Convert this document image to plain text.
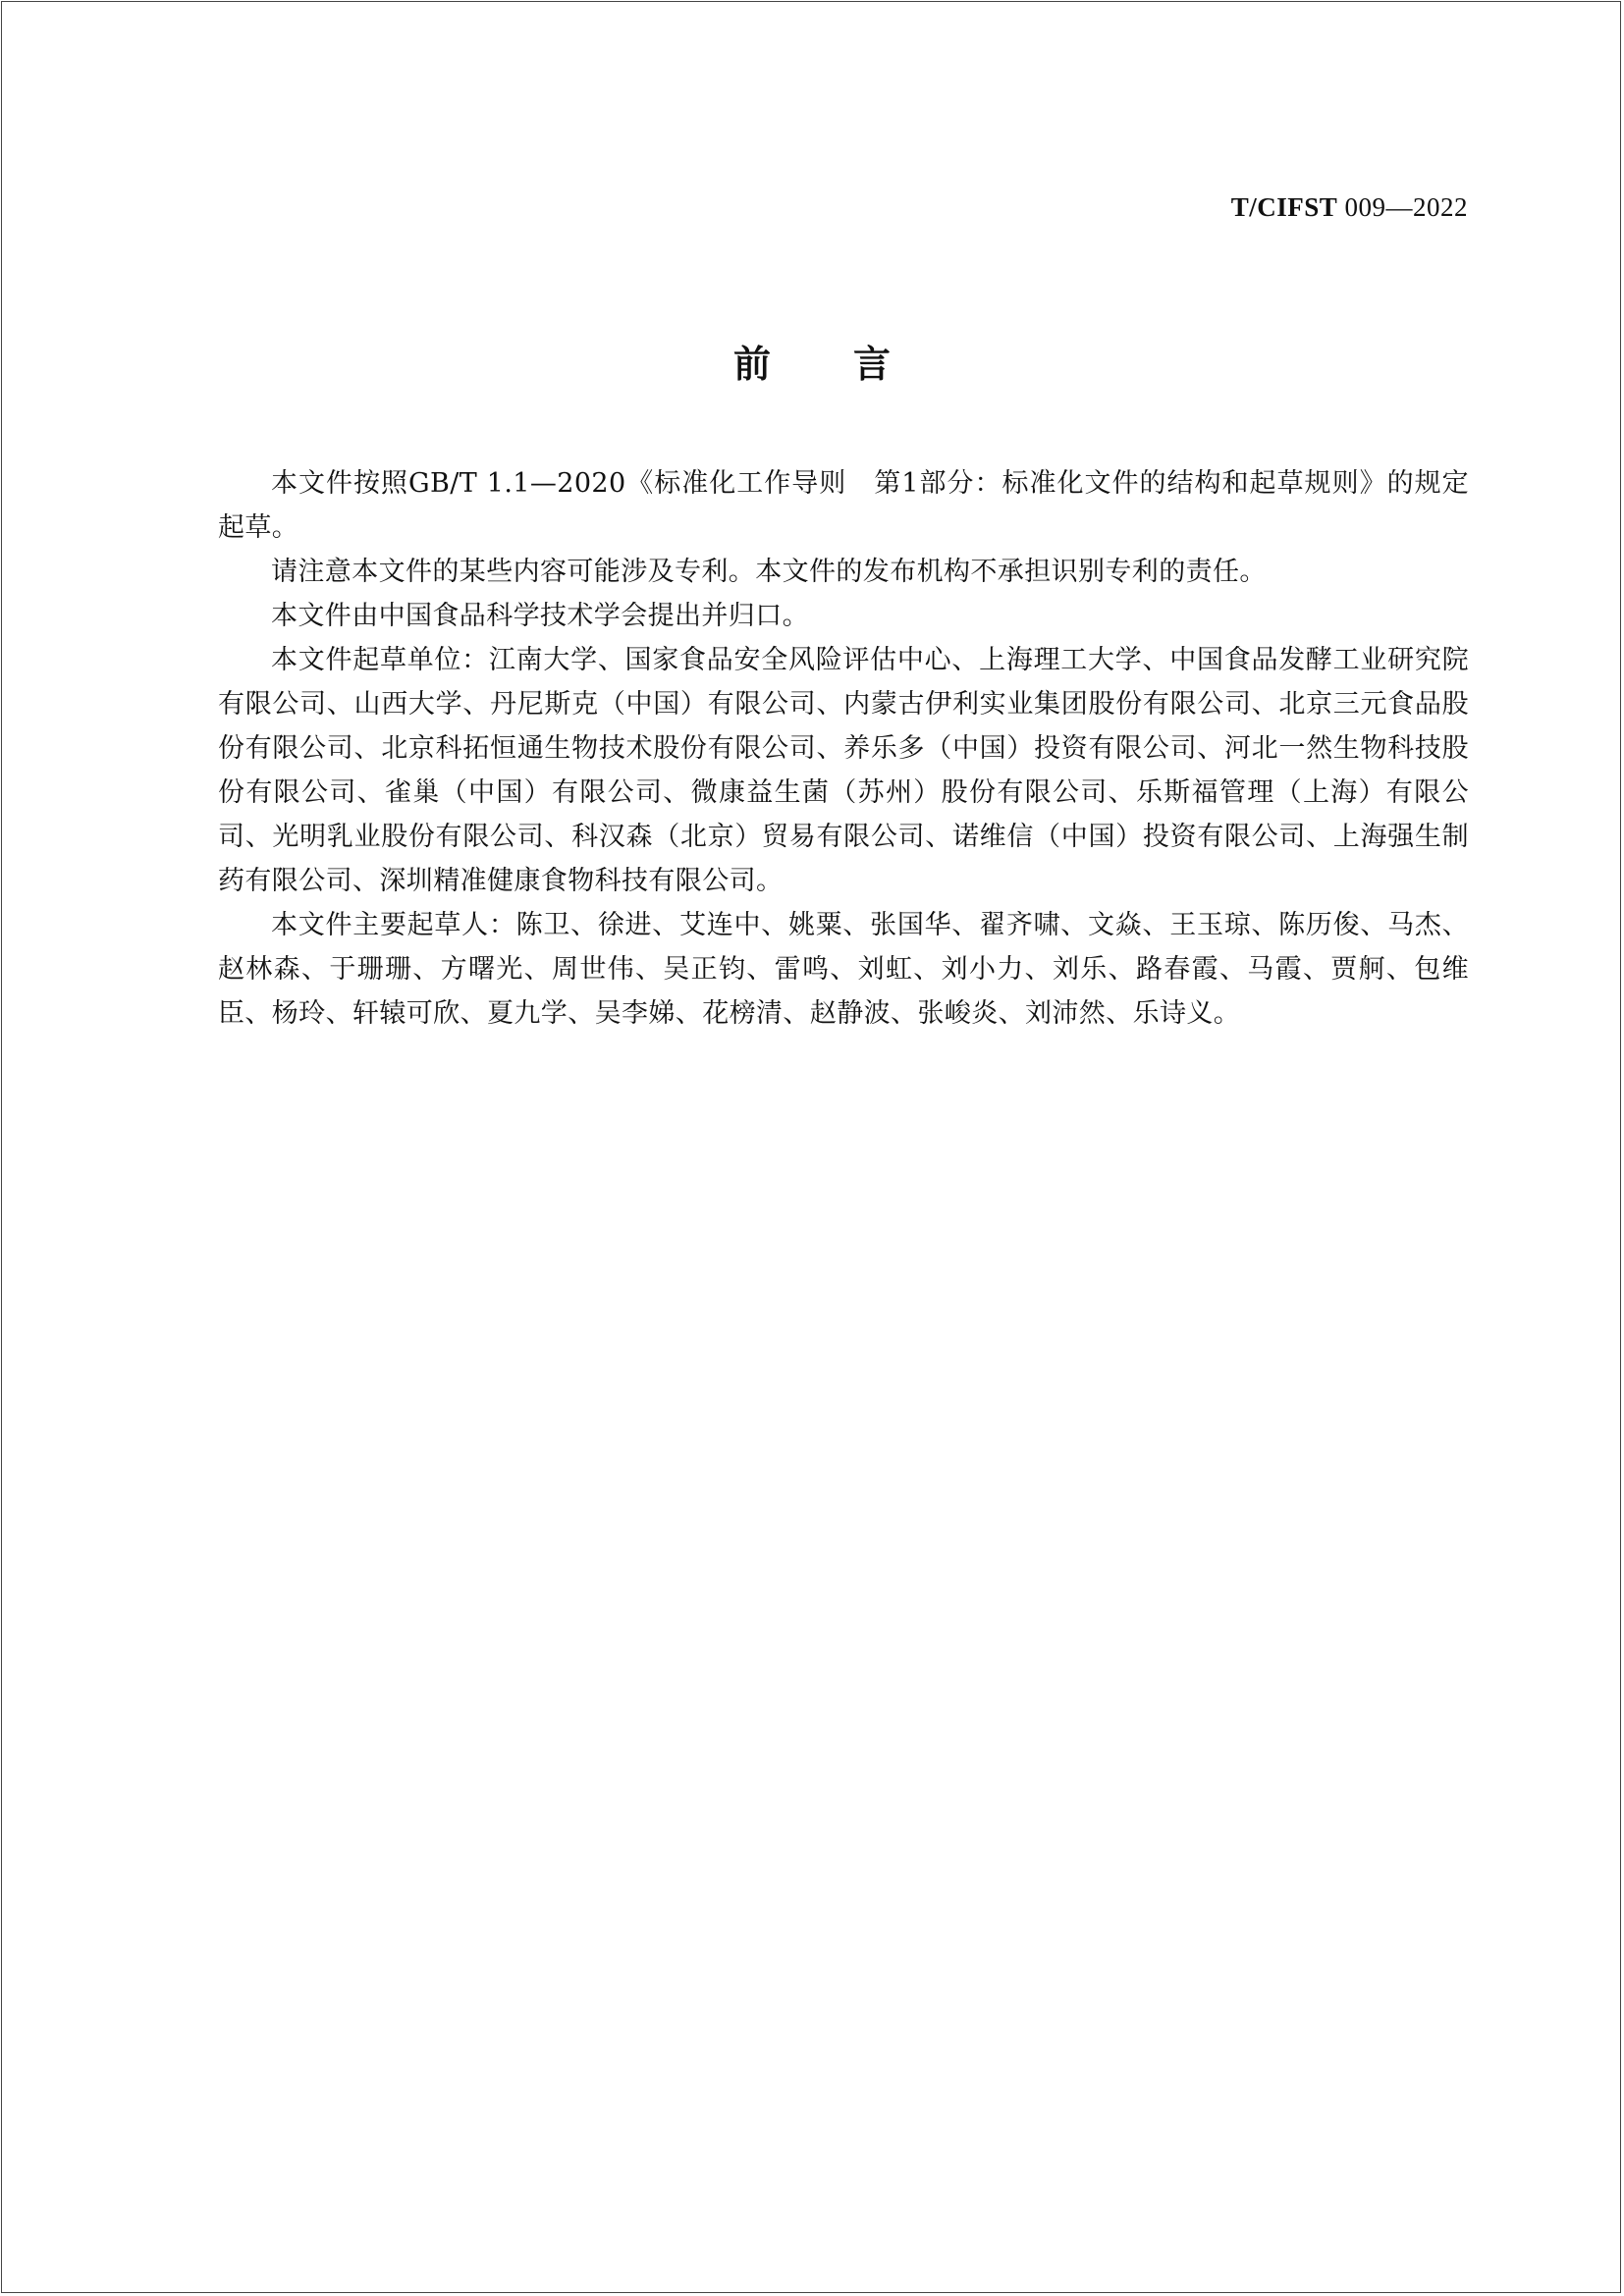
T/CIFST 009—2022
前言

本文件按照GB/T 1.1—2020《标准化工作导则　第1部分：标准化文件的结构和起草规则》的规定起草。

请注意本文件的某些内容可能涉及专利。本文件的发布机构不承担识别专利的责任。

本文件由中国食品科学技术学会提出并归口。

本文件起草单位：江南大学、国家食品安全风险评估中心、上海理工大学、中国食品发酵工业研究院有限公司、山西大学、丹尼斯克（中国）有限公司、内蒙古伊利实业集团股份有限公司、北京三元食品股份有限公司、北京科拓恒通生物技术股份有限公司、养乐多（中国）投资有限公司、河北一然生物科技股份有限公司、雀巢（中国）有限公司、微康益生菌（苏州）股份有限公司、乐斯福管理（上海）有限公司、光明乳业股份有限公司、科汉森（北京）贸易有限公司、诺维信（中国）投资有限公司、上海强生制药有限公司、深圳精准健康食物科技有限公司。

本文件主要起草人：陈卫、徐进、艾连中、姚粟、张国华、翟齐啸、文焱、王玉琼、陈历俊、马杰、赵林森、于珊珊、方曙光、周世伟、吴正钧、雷鸣、刘虹、刘小力、刘乐、路春霞、马霞、贾舸、包维臣、杨玲、轩辕可欣、夏九学、吴李娣、花榜清、赵静波、张峻炎、刘沛然、乐诗义。
